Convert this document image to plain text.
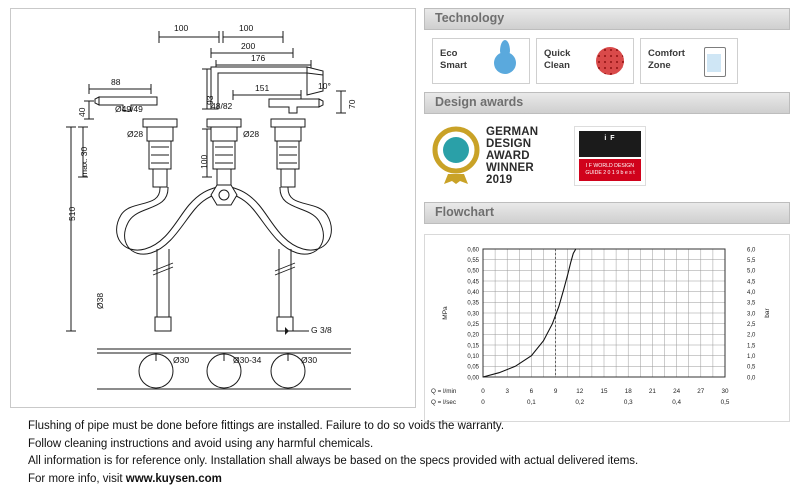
100	100
200
176
88
93
151	10°
70
40	Ø49/49	48/82
Ø28	Ø28
100
max. 30
510
Ø38
G 3/8
Ø30	Ø30-34	Ø30
Technology
Eco
Smart
Quick
Clean
Comfort
Zone
Design awards
GERMAN
DESIGN
AWARD
WINNER
2019
i F
I F WORLD DESIGN GUIDE 2 0 1 9 b e s t
Flowchart
0,60	6,0
0,55	5,5
0,50	5,0
0,45	4,5
0,40	4,0
0,35	3,5
0,30	3,0
0,25	2,5
0,20	2,0
0,15	1,5
0,10	1,0
0,05	0,5
0,00	0,0
MPa	bar
Q = l/min	0	3	6	9	12	15	18	21	24	27	30
Q = l/sec	0	0,1	0,2	0,3	0,4	0,5
Flushing of pipe must be done before fittings are installed. Failure to do so voids the warranty.
Follow cleaning instructions and avoid using any harmful chemicals.
All information is for reference only. Installation shall always be based on the specs provided with actual delivered items.
For more info, visit www.kuysen.com
